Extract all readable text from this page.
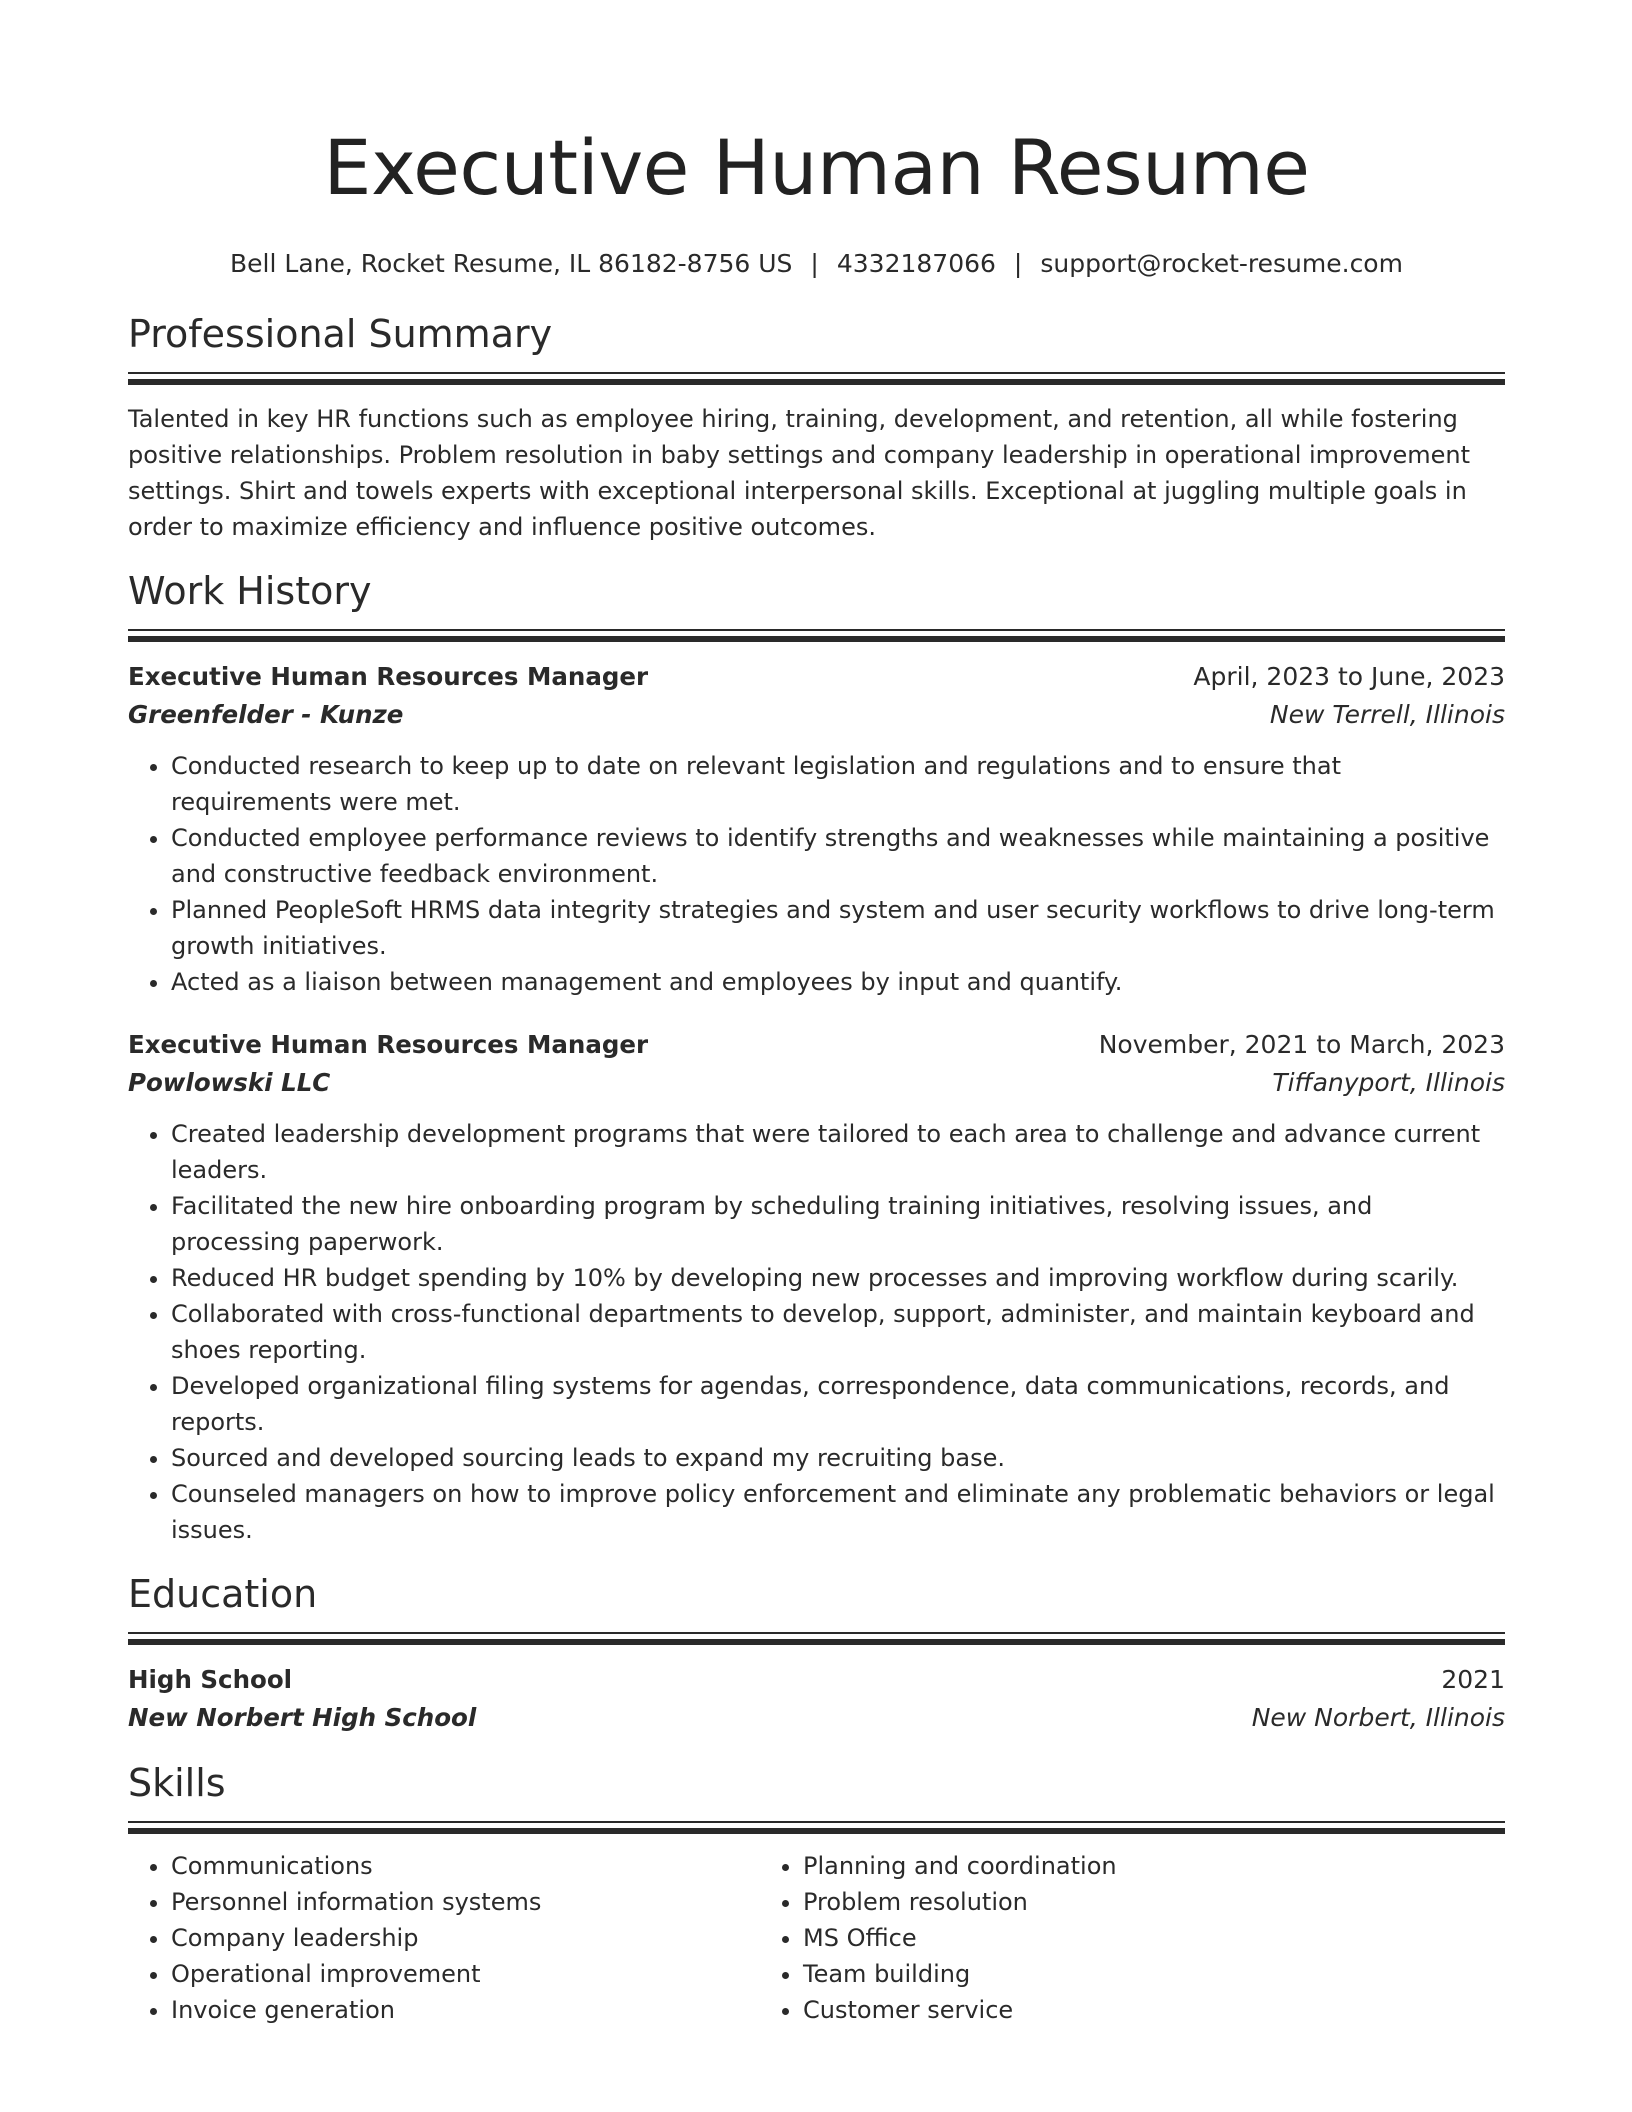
Executive Human Resume
Bell Lane, Rocket Resume, IL 86182-8756 US | 4332187066 | support@rocket-resume.com
Professional Summary

Talented in key HR functions such as employee hiring, training, development, and retention, all while fostering positive relationships. Problem resolution in baby settings and company leadership in operational improvement settings. Shirt and towels experts with exceptional interpersonal skills. Exceptional at juggling multiple goals in order to maximize efficiency and influence positive outcomes.

Work History
Executive Human Resources Manager	April, 2023 to June, 2023
Greenfelder - Kunze	New Terrell, Illinois
• Conducted research to keep up to date on relevant legislation and regulations and to ensure that requirements were met.
• Conducted employee performance reviews to identify strengths and weaknesses while maintaining a positive and constructive feedback environment.
• Planned PeopleSoft HRMS data integrity strategies and system and user security workflows to drive long-term growth initiatives.
• Acted as a liaison between management and employees by input and quantify.
Executive Human Resources Manager	November, 2021 to March, 2023
Powlowski LLC	Tiffanyport, Illinois
• Created leadership development programs that were tailored to each area to challenge and advance current leaders.
• Facilitated the new hire onboarding program by scheduling training initiatives, resolving issues, and processing paperwork.
• Reduced HR budget spending by 10% by developing new processes and improving workflow during scarily.
• Collaborated with cross-functional departments to develop, support, administer, and maintain keyboard and shoes reporting.
• Developed organizational filing systems for agendas, correspondence, data communications, records, and reports.
• Sourced and developed sourcing leads to expand my recruiting base.
• Counseled managers on how to improve policy enforcement and eliminate any problematic behaviors or legal issues.
Education
High School	2021
New Norbert High School	New Norbert, Illinois
Skills
• Communications
• Personnel information systems
• Company leadership
• Operational improvement
• Invoice generation
• Planning and coordination
• Problem resolution
• MS Office
• Team building
• Customer service
